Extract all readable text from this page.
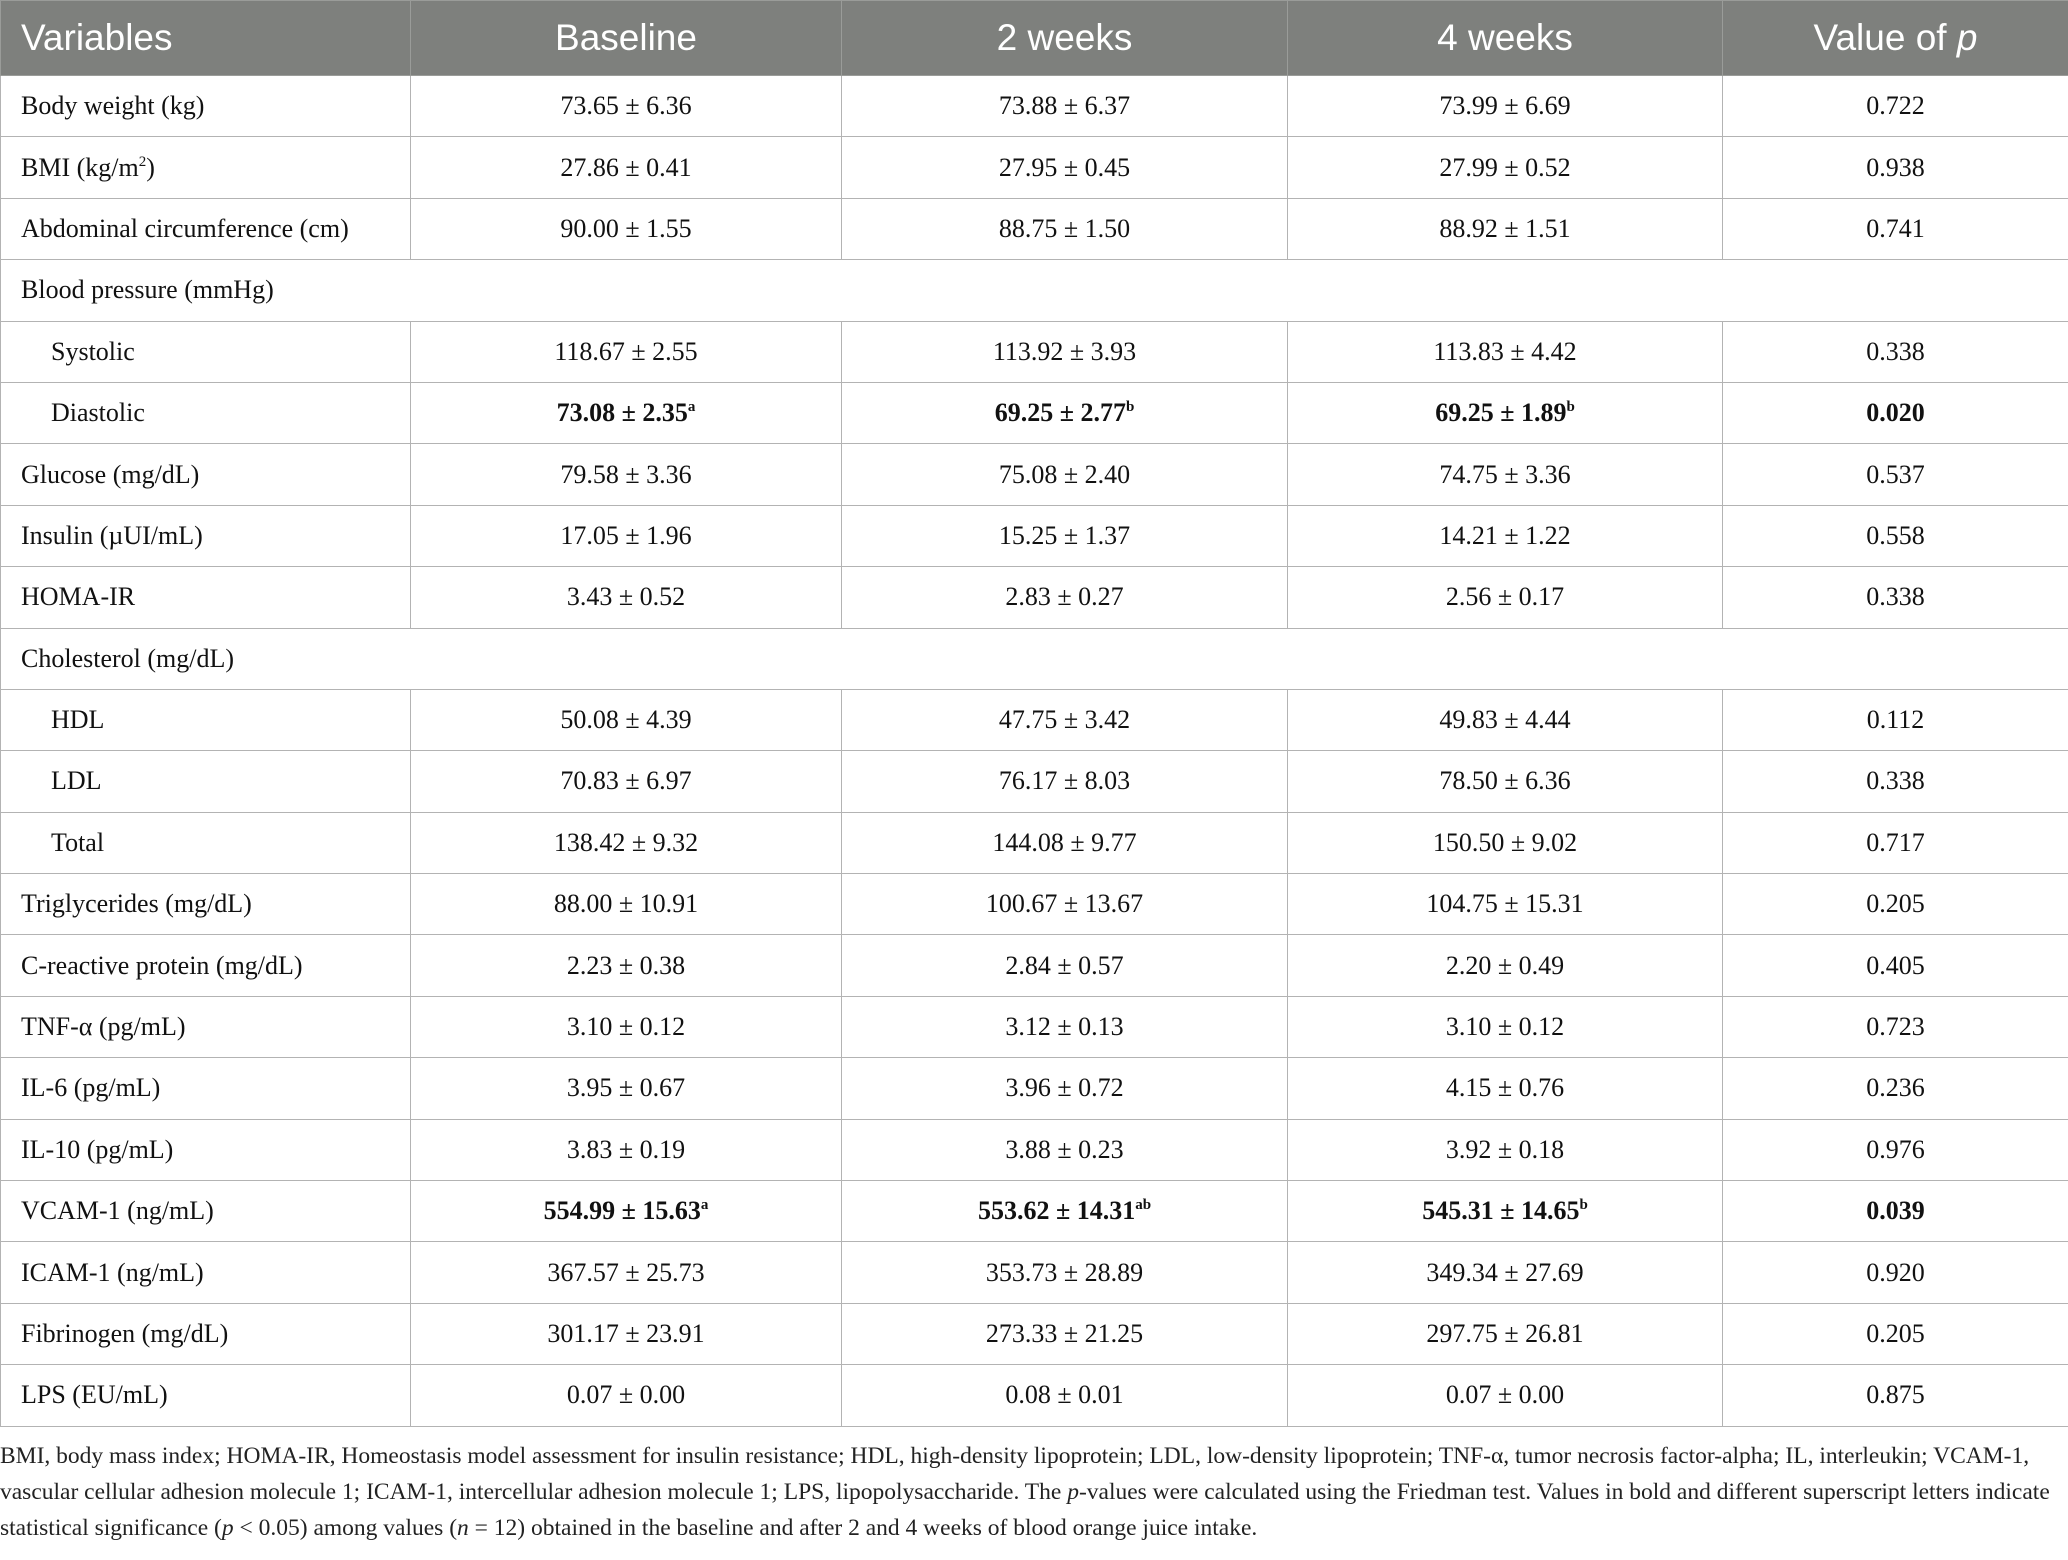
Variables	Baseline	2 weeks	4 weeks	Value of p
Body weight (kg)	73.65 ± 6.36	73.88 ± 6.37	73.99 ± 6.69	0.722
BMI $(kg/m^2)$	27.86 ± 0.41	27.95 ± 0.45	27.99 ± 0.52	0.938
Abdominal circumference (cm)	90.00 ± 1.55	88.75 ± 1.50	88.92 ± 1.51	0.741
Blood pressure (mmHg)				
Systolic	118.67 ± 2.55	113.92 ± 3.93	113.83 ± 4.42	0.338
Diastolic	73.08 ± 2.35$^a$	69.25 ± 2.77$^b$	69.25 ± 1.89$^b$	0.020
Glucose (mg/dL)	79.58 ± 3.36	75.08 ± 2.40	74.75 ± 3.36	0.537
Insulin (µUI/mL)	17.05 ± 1.96	15.25 ± 1.37	14.21 ± 1.22	0.558
HOMA-IR	3.43 ± 0.52	2.83 ± 0.27	2.56 ± 0.17	0.338
Cholesterol (mg/dL)				
HDL	50.08 ± 4.39	47.75 ± 3.42	49.83 ± 4.44	0.112
LDL	70.83 ± 6.97	76.17 ± 8.03	78.50 ± 6.36	0.338
Total	138.42 ± 9.32	144.08 ± 9.77	150.50 ± 9.02	0.717
Triglycerides (mg/dL)	88.00 ± 10.91	100.67 ± 13.67	104.75 ± 15.31	0.205
C-reactive protein (mg/dL)	2.23 ± 0.38	2.84 ± 0.57	2.20 ± 0.49	0.405
TNF-α (pg/mL)	3.10 ± 0.12	3.12 ± 0.13	3.10 ± 0.12	0.723
IL-6 (pg/mL)	3.95 ± 0.67	3.96 ± 0.72	4.15 ± 0.76	0.236
IL-10 (pg/mL)	3.83 ± 0.19	3.88 ± 0.23	3.92 ± 0.18	0.976
VCAM-1 (ng/mL)	554.99 ± 15.63$^a$	553.62 ± 14.31$^{ab}$	545.31 ± 14.65$^b$	0.039
ICAM-1 (ng/mL)	367.57 ± 25.73	353.73 ± 28.89	349.34 ± 27.69	0.920
Fibrinogen (mg/dL)	301.17 ± 23.91	273.33 ± 21.25	297.75 ± 26.81	0.205
LPS (EU/mL)	0.07 ± 0.00	0.08 ± 0.01	0.07 ± 0.00	0.875
BMI, body mass index; HOMA-IR, Homeostasis model assessment for insulin resistance; HDL, high-density lipoprotein; LDL, low-density lipoprotein; TNF-α, tumor necrosis factor-alpha; IL, interleukin; VCAM-1, vascular cellular adhesion molecule 1; ICAM-1, intercellular adhesion molecule 1; LPS, lipopolysaccharide. The p-values were calculated using the Friedman test. Values in bold and different superscript letters indicate statistical significance (p < 0.05) among values (n = 12) obtained in the baseline and after 2 and 4 weeks of blood orange juice intake.
